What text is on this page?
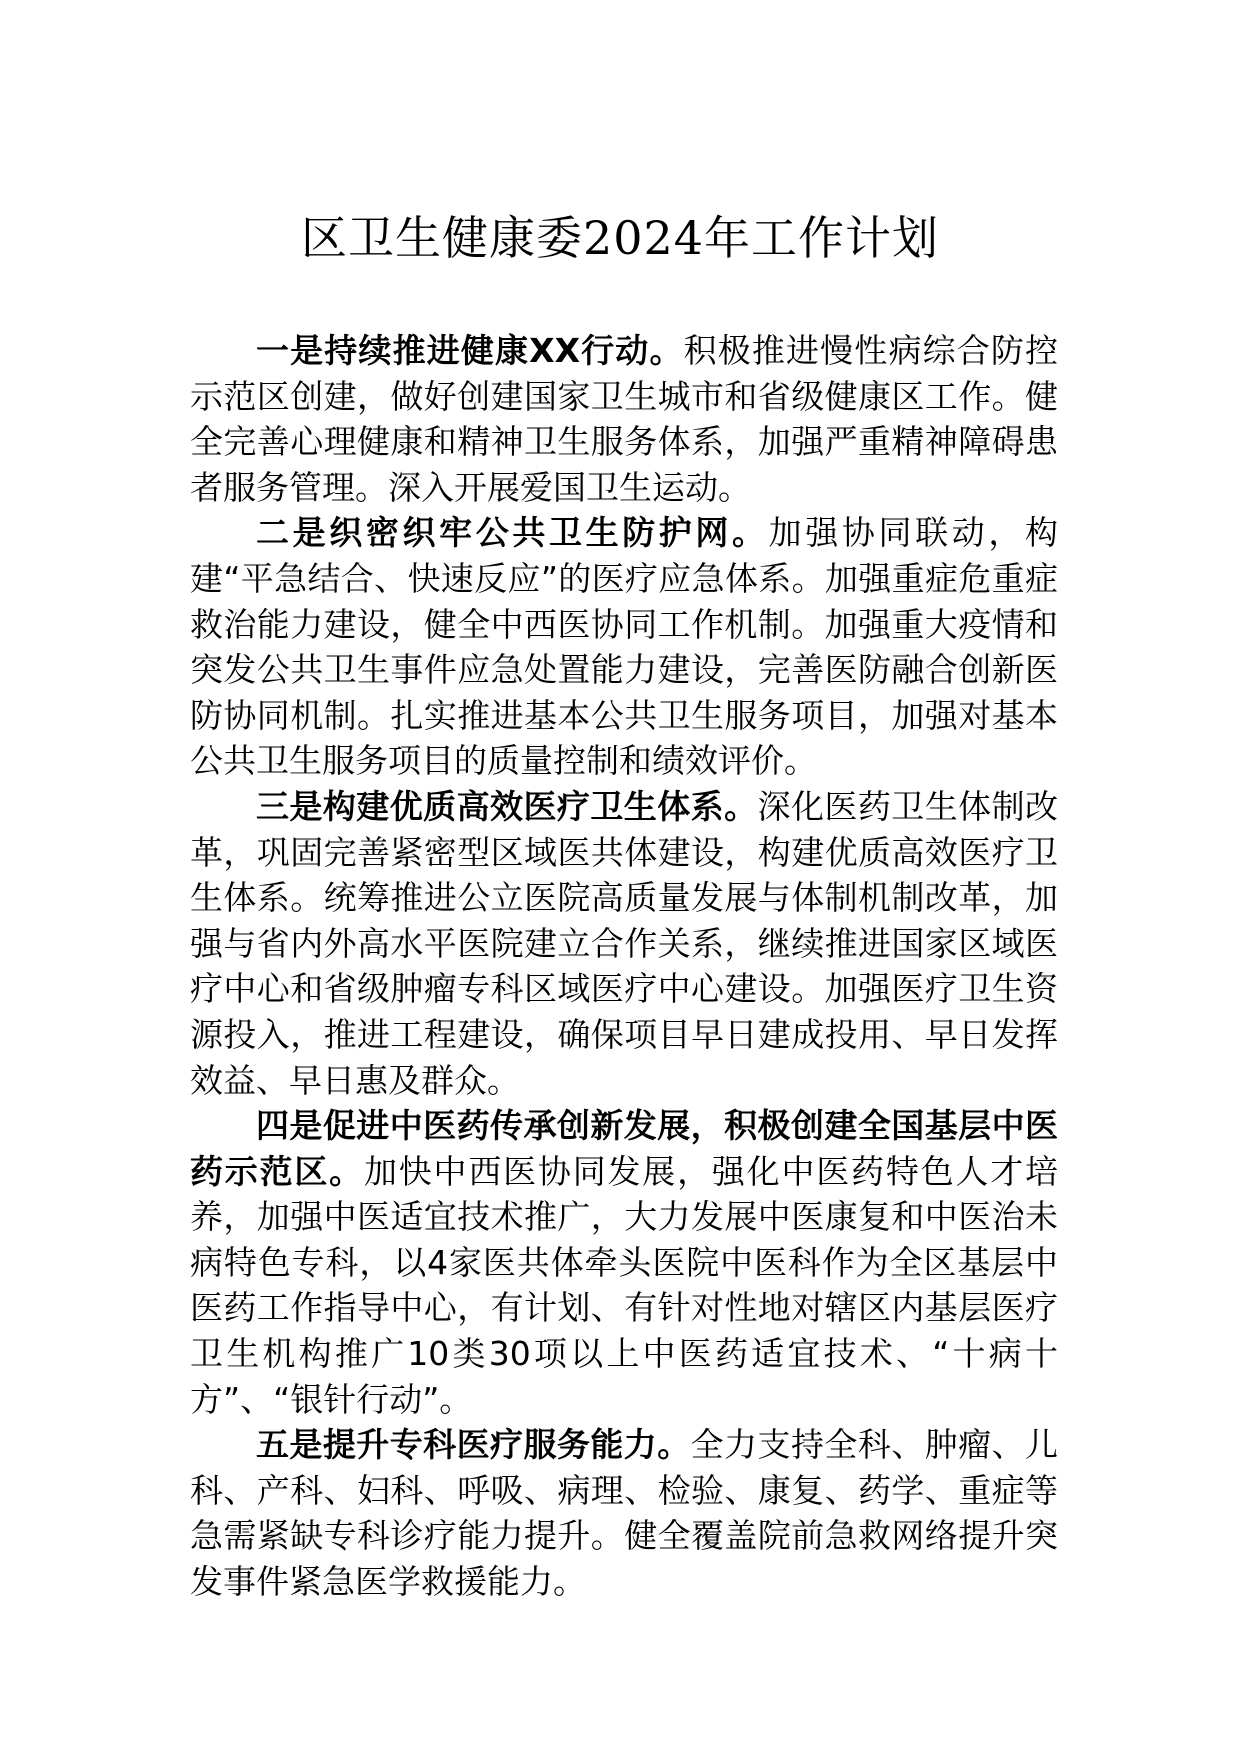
区卫生健康委2024年工作计划

一是持续推进健康XX行动。积极推进慢性病综合防控示范区创建，做好创建国家卫生城市和省级健康区工作。健全完善心理健康和精神卫生服务体系，加强严重精神障碍患者服务管理。深入开展爱国卫生运动。

二是织密织牢公共卫生防护网。加强协同联动，构建“平急结合、快速反应”的医疗应急体系。加强重症危重症救治能力建设，健全中西医协同工作机制。加强重大疫情和突发公共卫生事件应急处置能力建设，完善医防融合创新医防协同机制。扎实推进基本公共卫生服务项目，加强对基本公共卫生服务项目的质量控制和绩效评价。

三是构建优质高效医疗卫生体系。深化医药卫生体制改革，巩固完善紧密型区域医共体建设，构建优质高效医疗卫生体系。统筹推进公立医院高质量发展与体制机制改革，加强与省内外高水平医院建立合作关系，继续推进国家区域医疗中心和省级肿瘤专科区域医疗中心建设。加强医疗卫生资源投入，推进工程建设，确保项目早日建成投用、早日发挥效益、早日惠及群众。

四是促进中医药传承创新发展，积极创建全国基层中医药示范区。加快中西医协同发展，强化中医药特色人才培养，加强中医适宜技术推广，大力发展中医康复和中医治未病特色专科，以4家医共体牵头医院中医科作为全区基层中医药工作指导中心，有计划、有针对性地对辖区内基层医疗卫生机构推广10类30项以上中医药适宜技术、“十病十方”、“银针行动”。

五是提升专科医疗服务能力。全力支持全科、肿瘤、儿科、产科、妇科、呼吸、病理、检验、康复、药学、重症等急需紧缺专科诊疗能力提升。健全覆盖院前急救网络提升突发事件紧急医学救援能力。
